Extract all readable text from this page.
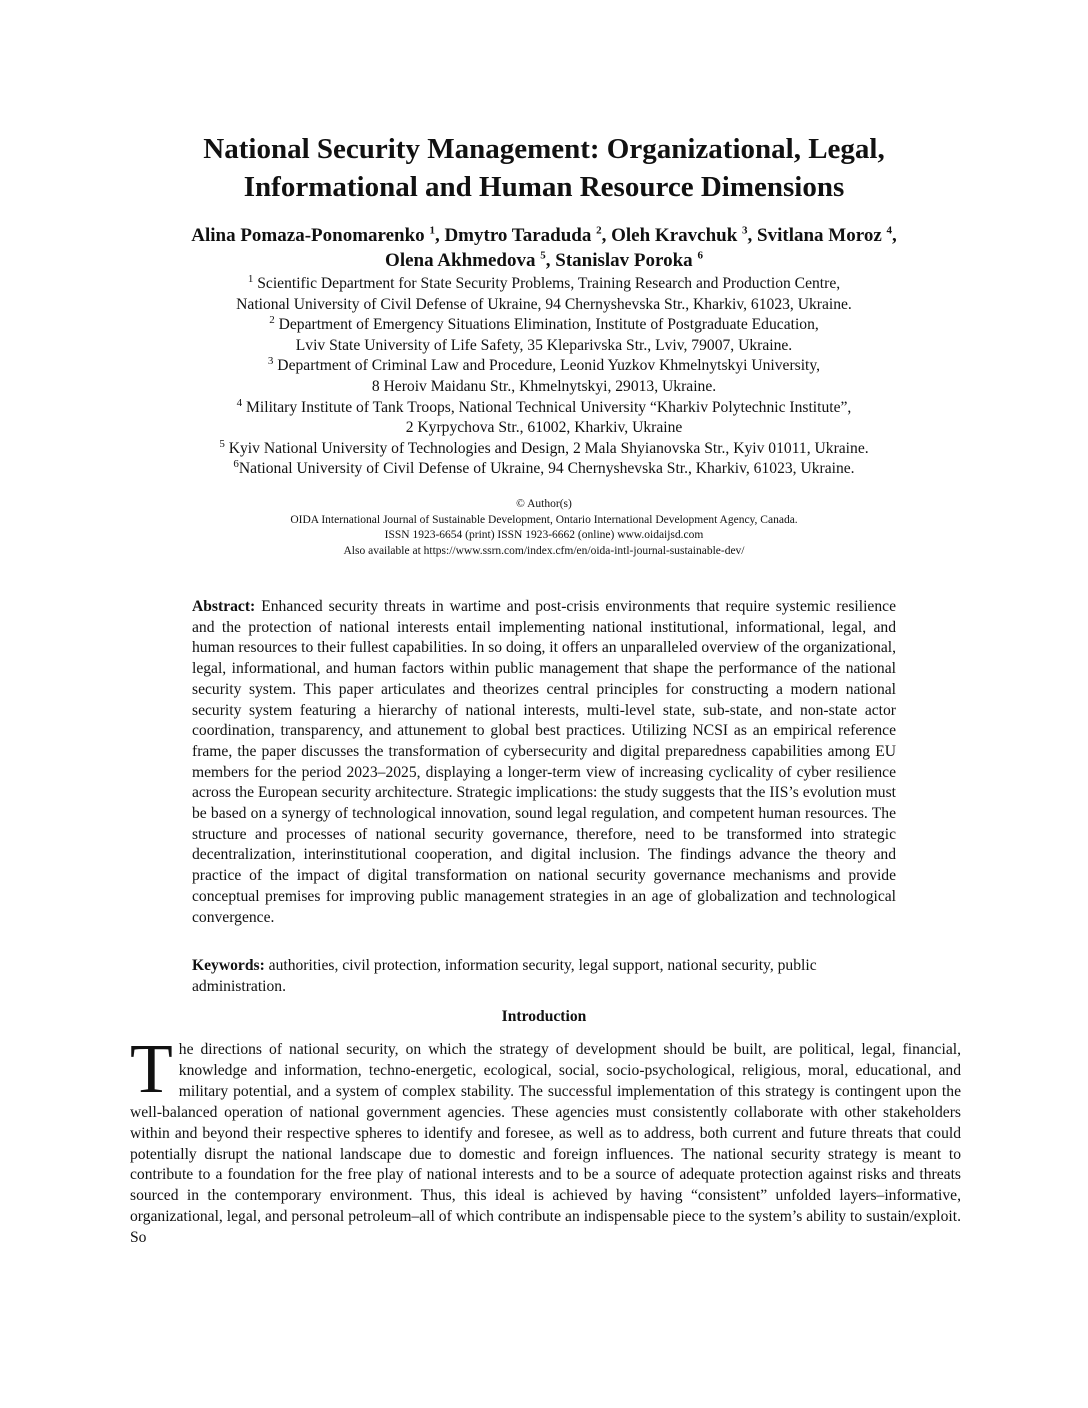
National Security Management: Organizational, Legal,
Informational and Human Resource Dimensions
Alina Pomaza-Ponomarenko $^1$, Dmytro Taraduda $^2$, Oleh Kravchuk $^3$, Svitlana Moroz $^4$,
Olena Akhmedova $^5$, Stanislav Poroka $^6$
$^1$ Scientific Department for State Security Problems, Training Research and Production Centre,
National University of Civil Defense of Ukraine, 94 Chernyshevska Str., Kharkiv, 61023, Ukraine.
$^2$ Department of Emergency Situations Elimination, Institute of Postgraduate Education,
Lviv State University of Life Safety, 35 Kleparivska Str., Lviv, 79007, Ukraine.
$^3$ Department of Criminal Law and Procedure, Leonid Yuzkov Khmelnytskyi University,
8 Heroiv Maidanu Str., Khmelnytskyi, 29013, Ukraine.
$^4$ Military Institute of Tank Troops, National Technical University “Kharkiv Polytechnic Institute”,
2 Kyrpychova Str., 61002, Kharkiv, Ukraine
$^5$ Kyiv National University of Technologies and Design, 2 Mala Shyianovska Str., Kyiv 01011, Ukraine.
$^6$National University of Civil Defense of Ukraine, 94 Chernyshevska Str., Kharkiv, 61023, Ukraine.
© Author(s)
OIDA International Journal of Sustainable Development, Ontario International Development Agency, Canada.
ISSN 1923-6654 (print) ISSN 1923-6662 (online) www.oidaijsd.com
Also available at https://www.ssrn.com/index.cfm/en/oida-intl-journal-sustainable-dev/
Abstract: Enhanced security threats in wartime and post-crisis environments that require systemic resilience and the protection of national interests entail implementing national institutional, informational, legal, and human resources to their fullest capabilities. In so doing, it offers an unparalleled overview of the organizational, legal, informational, and human factors within public management that shape the performance of the national security system. This paper articulates and theorizes central principles for constructing a modern national security system featuring a hierarchy of national interests, multi-level state, sub-state, and non-state actor coordination, transparency, and attunement to global best practices. Utilizing NCSI as an empirical reference frame, the paper discusses the transformation of cybersecurity and digital preparedness capabilities among EU members for the period 2023–2025, displaying a longer-term view of increasing cyclicality of cyber resilience across the European security architecture. Strategic implications: the study suggests that the IIS’s evolution must be based on a synergy of technological innovation, sound legal regulation, and competent human resources. The structure and processes of national security governance, therefore, need to be transformed into strategic decentralization, interinstitutional cooperation, and digital inclusion. The findings advance the theory and practice of the impact of digital transformation on national security governance mechanisms and provide conceptual premises for improving public management strategies in an age of globalization and technological convergence.
Keywords: authorities, civil protection, information security, legal support, national security, public administration.
Introduction
The directions of national security, on which the strategy of development should be built, are political, legal, financial, knowledge and information, techno-energetic, ecological, social, socio-psychological, religious, moral, educational, and military potential, and a system of complex stability. The successful implementation of this strategy is contingent upon the well-balanced operation of national government agencies. These agencies must consistently collaborate with other stakeholders within and beyond their respective spheres to identify and foresee, as well as to address, both current and future threats that could potentially disrupt the national landscape due to domestic and foreign influences. The national security strategy is meant to contribute to a foundation for the free play of national interests and to be a source of adequate protection against risks and threats sourced in the contemporary environment. Thus, this ideal is achieved by having “consistent” unfolded layers–informative, organizational, legal, and personal petroleum–all of which contribute an indispensable piece to the system’s ability to sustain/exploit. So
